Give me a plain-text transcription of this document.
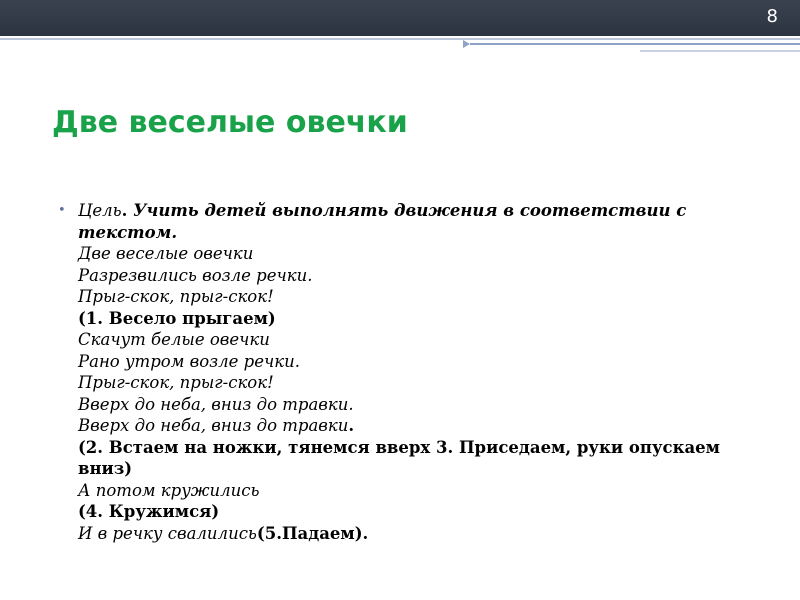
8
Две веселые овечки
• Цель. Учить детей выполнять движения в соответствии с текстом.
Две веселые овечки
Разрезвились возле речки.
Прыг-скок, прыг-скок!
(1. Весело прыгаем)
Скачут белые овечки
Рано утром возле речки.
Прыг-скок, прыг-скок!
Вверх до неба, вниз до травки.
Вверх до неба, вниз до травки.
(2. Встаем на ножки, тянемся вверх 3. Приседаем, руки опускаем вниз)
А потом кружились
(4. Кружимся)
И в речку свалились(5.Падаем).
